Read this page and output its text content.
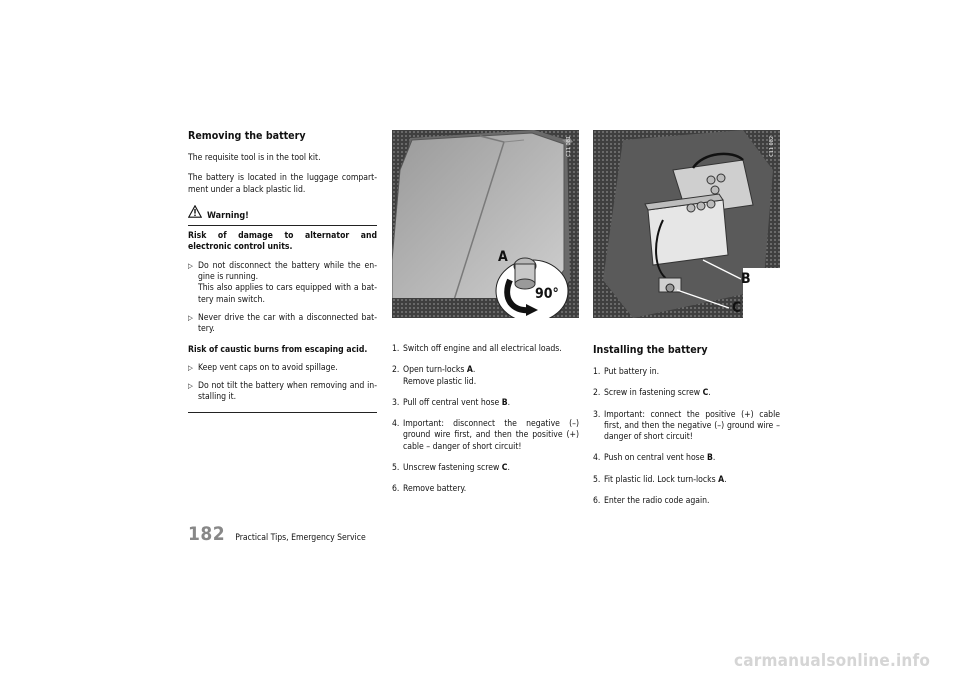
Removing the battery

The requisite tool is in the tool kit.

The battery is located in the luggage compart- ment under a black plastic lid.

Warning!

Risk of damage to alternator and electronic control units.

▷ Do not disconnect the battery while the en- gine is running.
This also applies to cars equipped with a bat- tery main switch.
▷ Never drive the car with a disconnected bat- tery.

Risk of caustic burns from escaping acid.

▷ Keep vent caps on to avoid spillage.
▷ Do not tilt the battery when removing and in- stalling it.
A
90°
C11 081
1. Switch off engine and all electrical loads.
2. Open turn-locks A.
Remove plastic lid.
3. Pull off central vent hose B.
4. Important: disconnect the negative (–) ground wire first, and then the positive (+) cable – danger of short circuit!
5. Unscrew fastening screw C.
6. Remove battery.
B
C
C11 082
Installing the battery
1. Put battery in.
2. Screw in fastening screw C.
3. Important: connect the positive (+) cable first, and then the negative (–) ground wire – danger of short circuit!
4. Push on central vent hose B.
5. Fit plastic lid. Lock turn-locks A.
6. Enter the radio code again.
182 Practical Tips, Emergency Service
carmanualsonline.info
